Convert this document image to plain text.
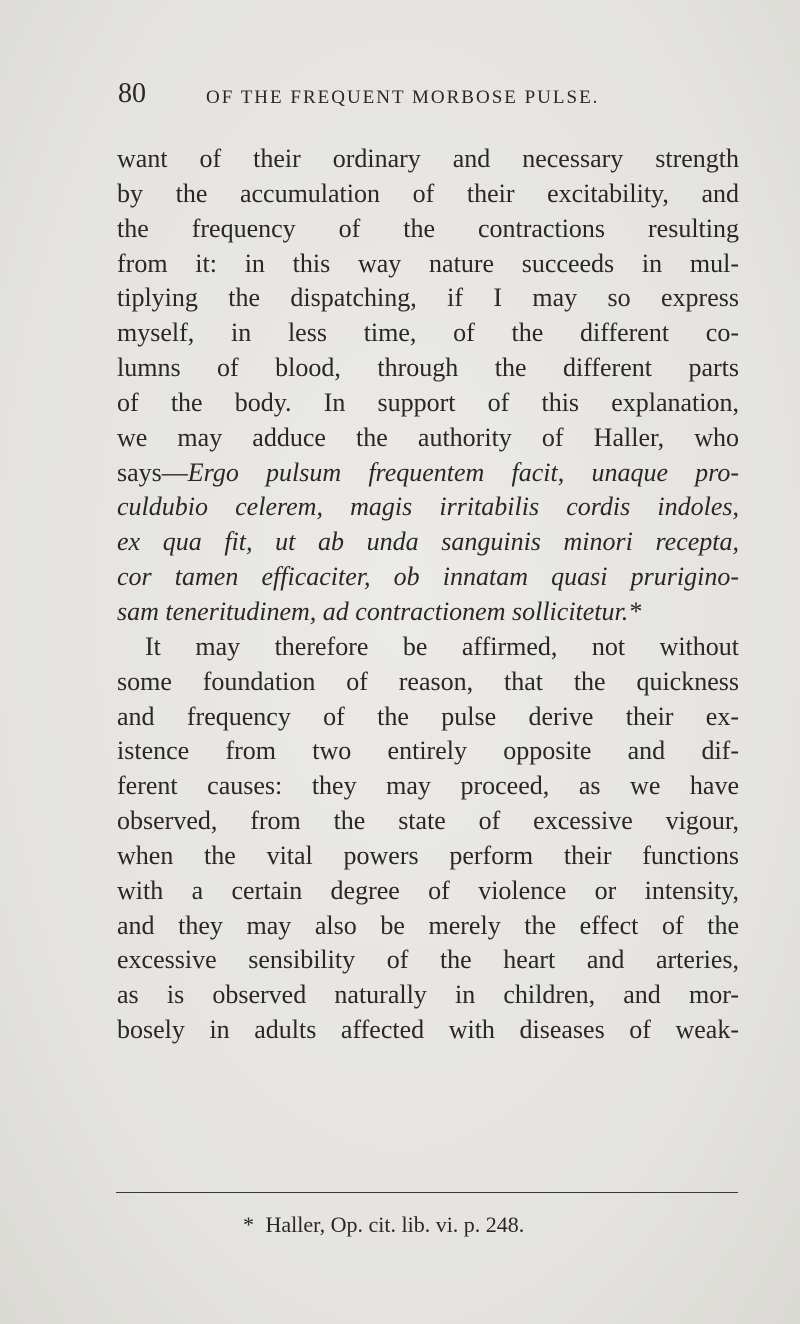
80	OF THE FREQUENT MORBOSE PULSE.
want of their ordinary and necessary strength
by the accumulation of their excitability, and
the frequency of the contractions resulting
from it: in this way nature succeeds in mul-
tiplying the dispatching, if I may so express
myself, in less time, of the different co-
lumns of blood, through the different parts
of the body. In support of this explanation,
we may adduce the authority of Haller, who
says—Ergo pulsum frequentem facit, unaque pro-
culdubio celerem, magis irritabilis cordis indoles,
ex qua fit, ut ab unda sanguinis minori recepta,
cor tamen efficaciter, ob innatam quasi prurigino-
sam teneritudinem, ad contractionem sollicitetur.*
It may therefore be affirmed, not without
some foundation of reason, that the quickness
and frequency of the pulse derive their ex-
istence from two entirely opposite and dif-
ferent causes: they may proceed, as we have
observed, from the state of excessive vigour,
when the vital powers perform their functions
with a certain degree of violence or intensity,
and they may also be merely the effect of the
excessive sensibility of the heart and arteries,
as is observed naturally in children, and mor-
bosely in adults affected with diseases of weak-
* Haller, Op. cit. lib. vi. p. 248.
